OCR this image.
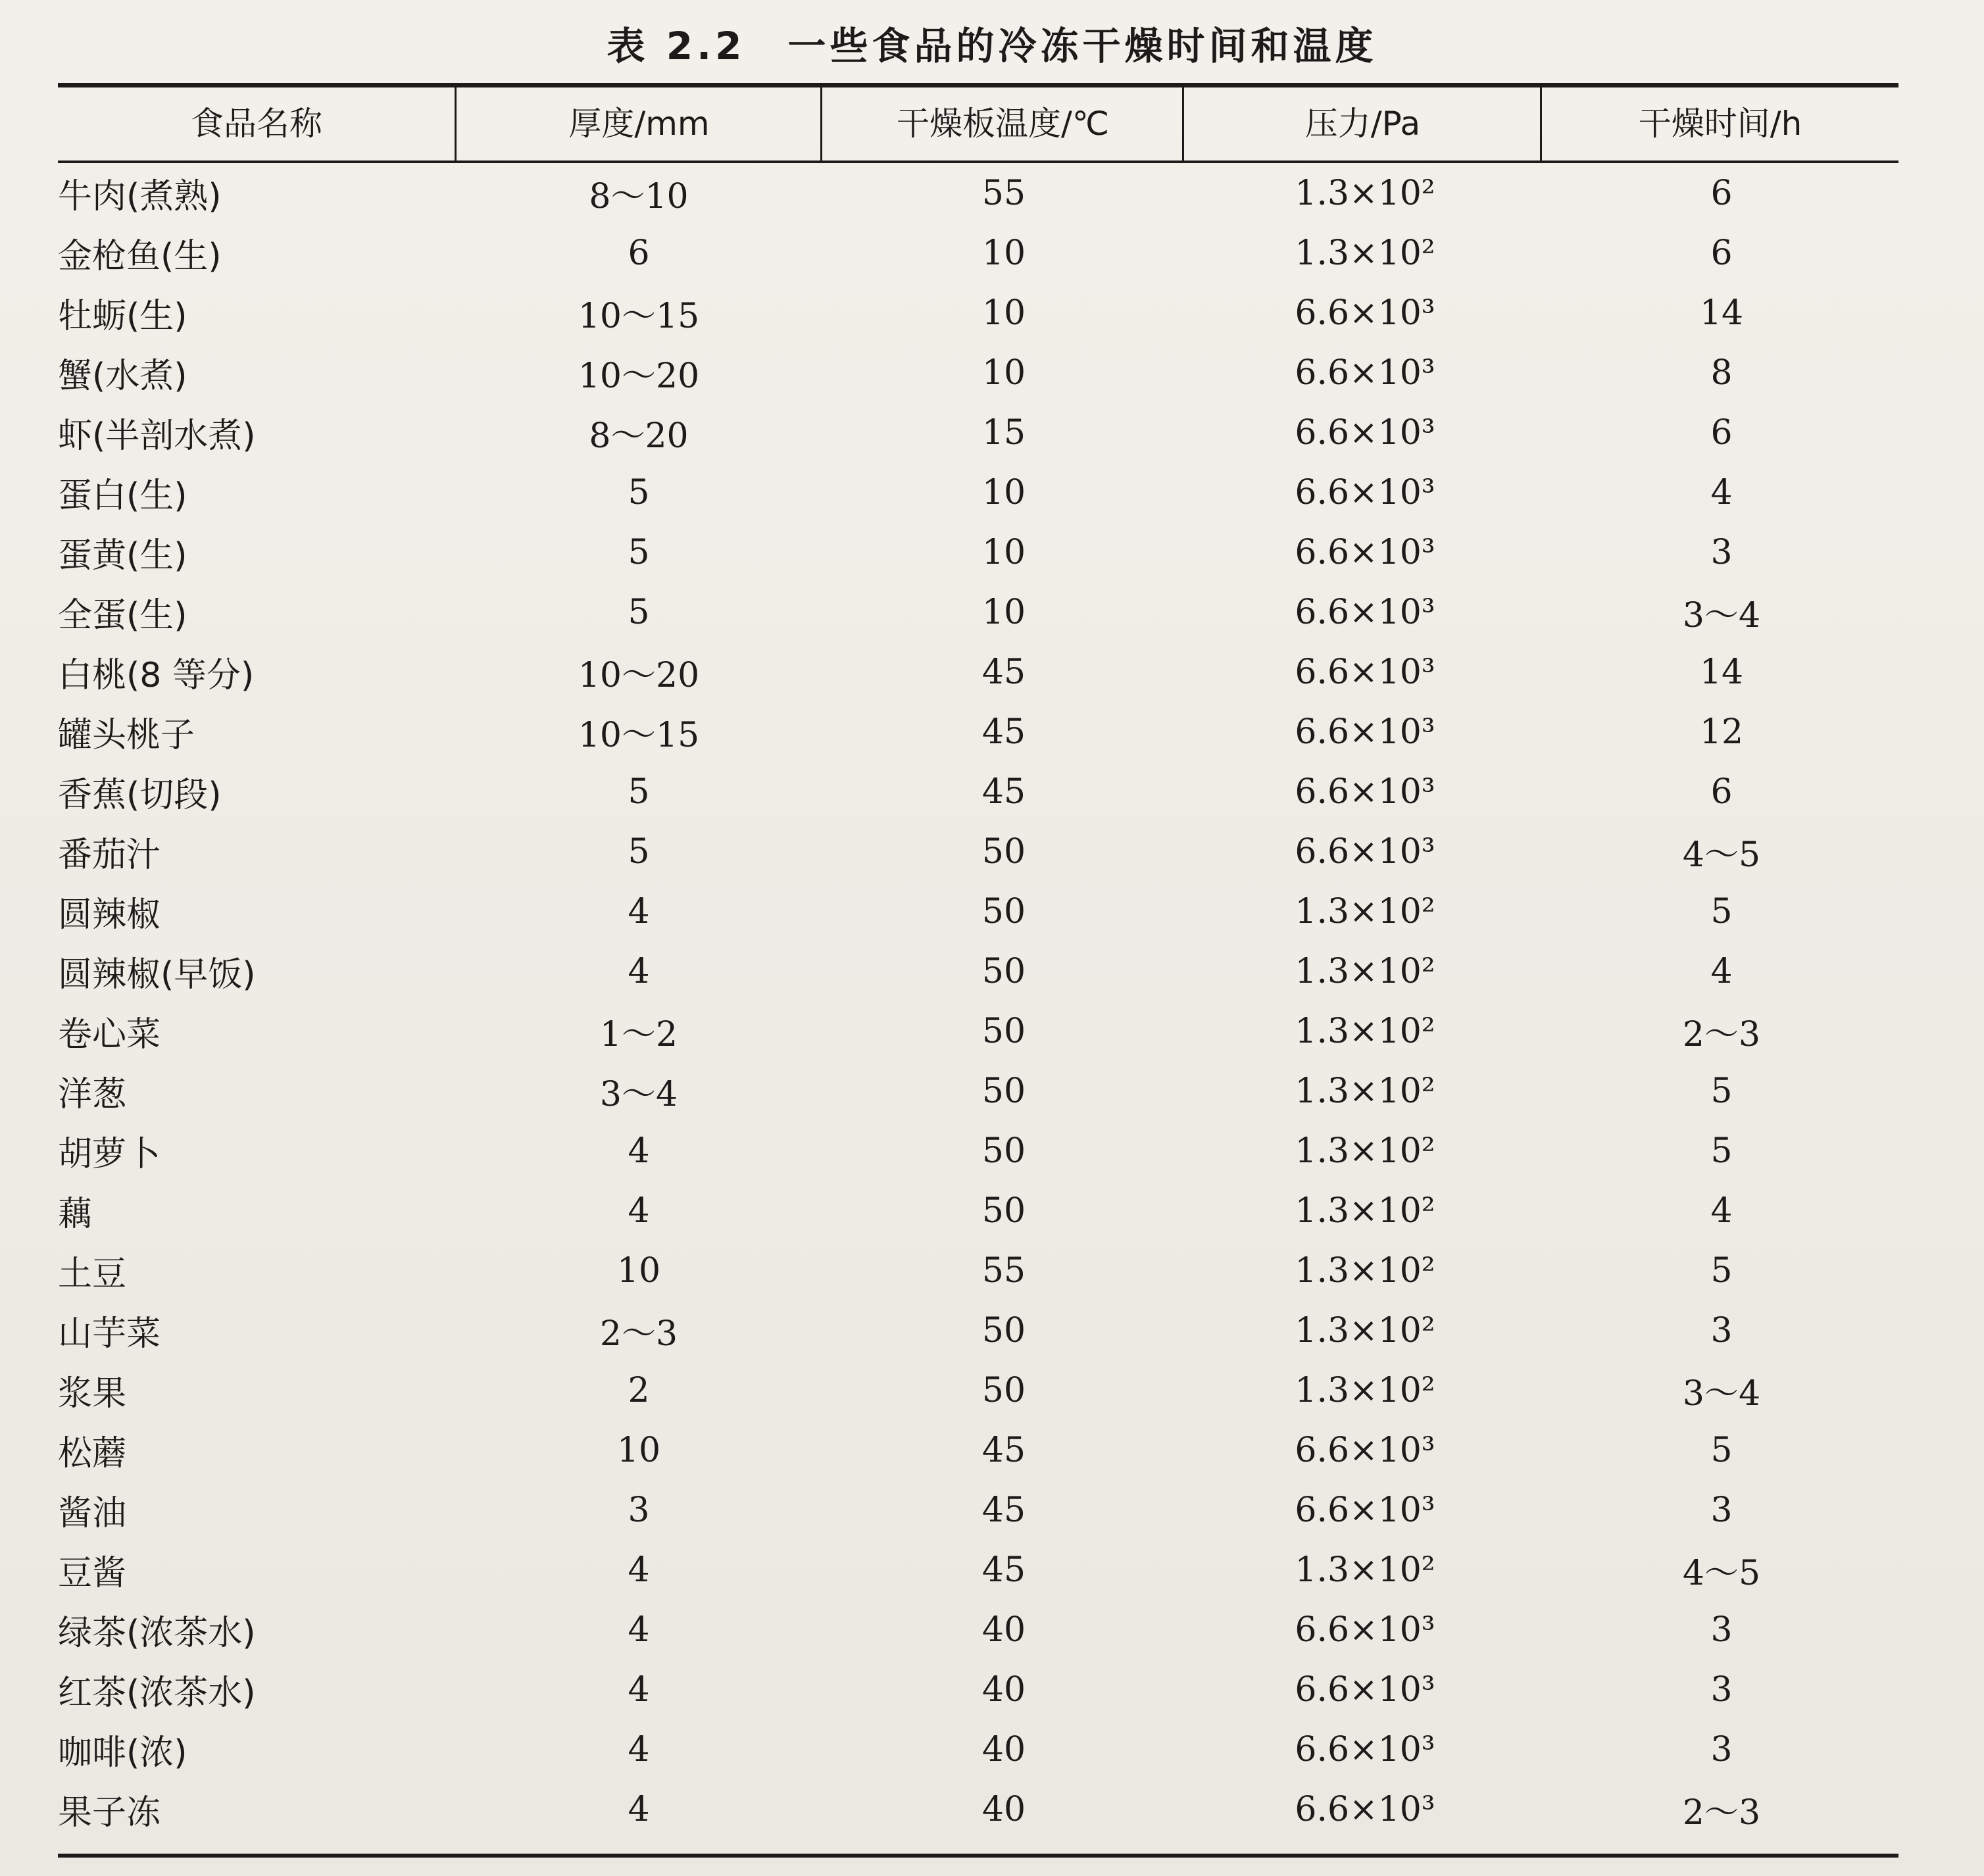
表 2.2　一些食品的冷冻干燥时间和温度
食品名称	厚度/mm	干燥板温度/℃	压力/Pa	干燥时间/h
牛肉(煮熟)	8～10	55	1.3×10²	6
金枪鱼(生)	6	10	1.3×10²	6
牡蛎(生)	10～15	10	6.6×10³	14
蟹(水煮)	10～20	10	6.6×10³	8
虾(半剖水煮)	8～20	15	6.6×10³	6
蛋白(生)	5	10	6.6×10³	4
蛋黄(生)	5	10	6.6×10³	3
全蛋(生)	5	10	6.6×10³	3～4
白桃(8 等分)	10～20	45	6.6×10³	14
罐头桃子	10～15	45	6.6×10³	12
香蕉(切段)	5	45	6.6×10³	6
番茄汁	5	50	6.6×10³	4～5
圆辣椒	4	50	1.3×10²	5
圆辣椒(早饭)	4	50	1.3×10²	4
卷心菜	1～2	50	1.3×10²	2～3
洋葱	3～4	50	1.3×10²	5
胡萝卜	4	50	1.3×10²	5
藕	4	50	1.3×10²	4
土豆	10	55	1.3×10²	5
山芋菜	2～3	50	1.3×10²	3
浆果	2	50	1.3×10²	3～4
松蘑	10	45	6.6×10³	5
酱油	3	45	6.6×10³	3
豆酱	4	45	1.3×10²	4～5
绿茶(浓茶水)	4	40	6.6×10³	3
红茶(浓茶水)	4	40	6.6×10³	3
咖啡(浓)	4	40	6.6×10³	3
果子冻	4	40	6.6×10³	2～3
